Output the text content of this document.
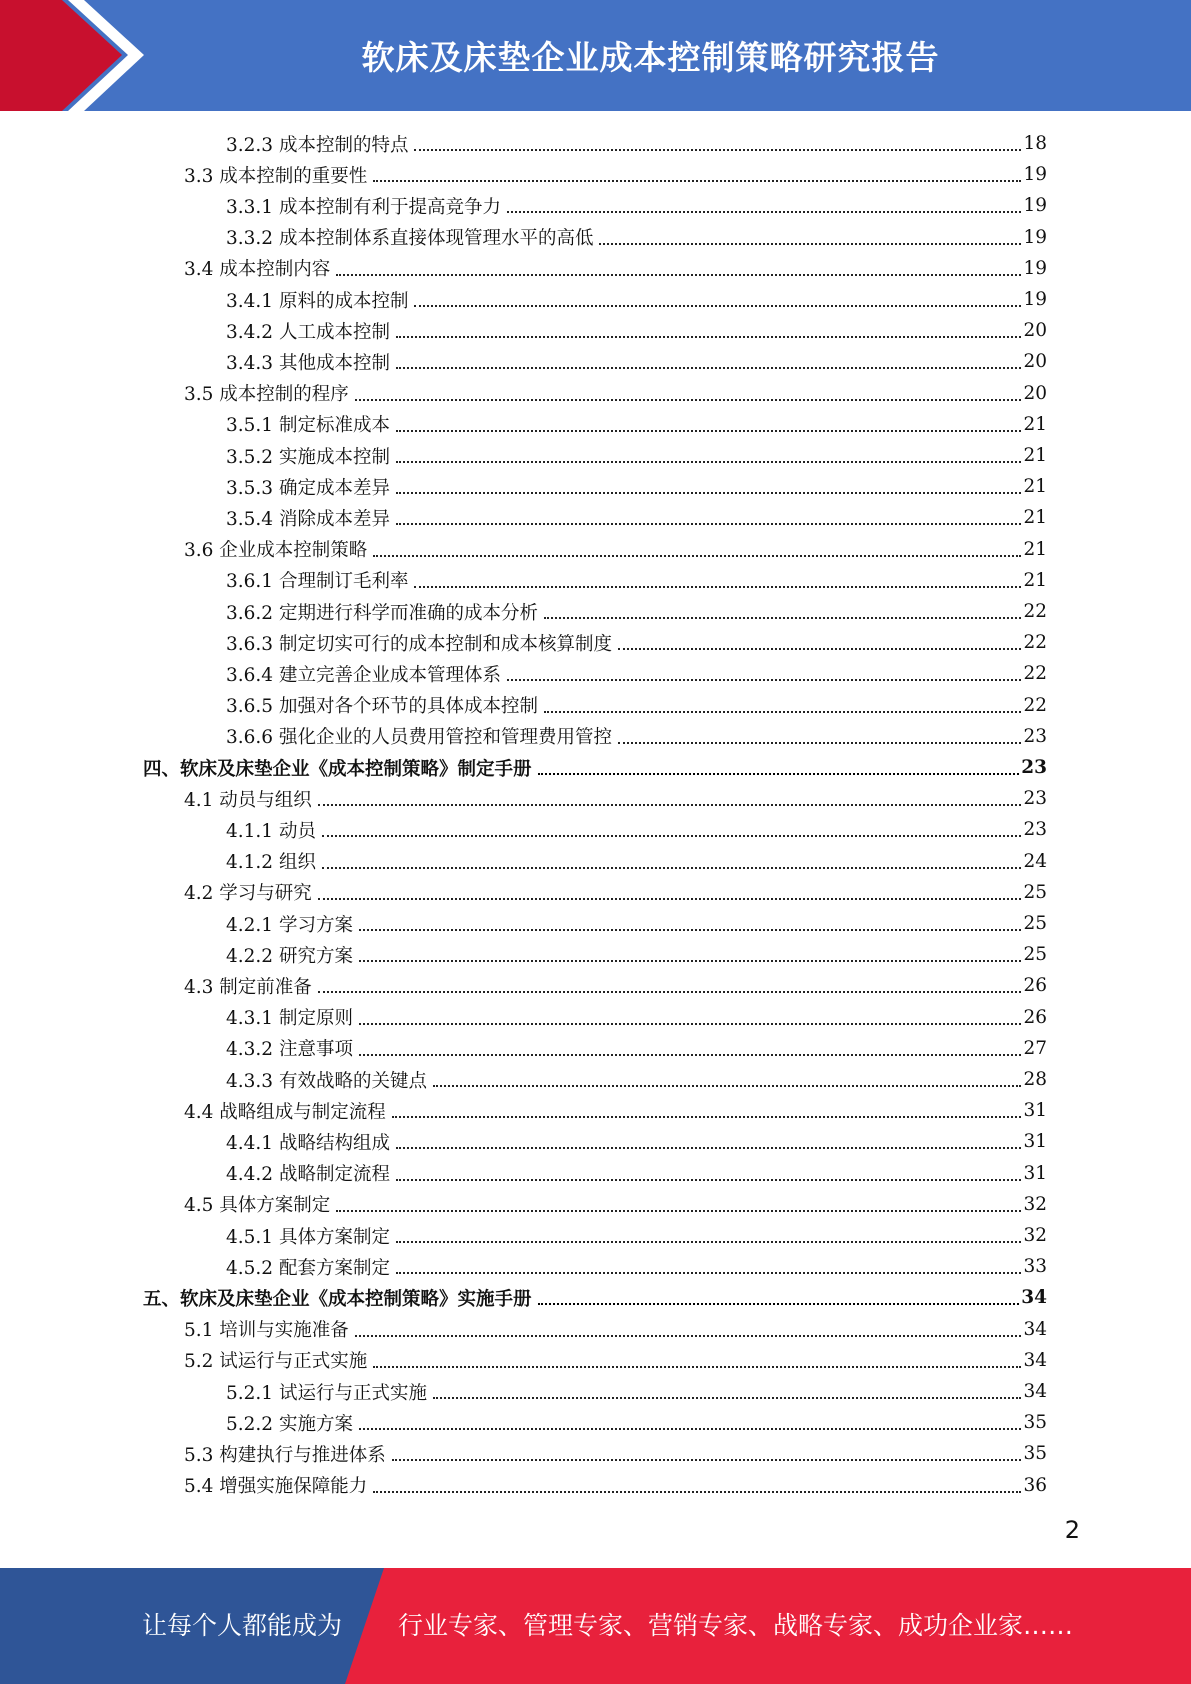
软床及床垫企业成本控制策略研究报告
3.2.3 成本控制的特点	18
3.3 成本控制的重要性	19
3.3.1 成本控制有利于提高竞争力	19
3.3.2 成本控制体系直接体现管理水平的高低	19
3.4 成本控制内容	19
3.4.1 原料的成本控制	19
3.4.2 人工成本控制	20
3.4.3 其他成本控制	20
3.5 成本控制的程序	20
3.5.1 制定标准成本	21
3.5.2 实施成本控制	21
3.5.3 确定成本差异	21
3.5.4 消除成本差异	21
3.6 企业成本控制策略	21
3.6.1 合理制订毛利率	21
3.6.2 定期进行科学而准确的成本分析	22
3.6.3 制定切实可行的成本控制和成本核算制度	22
3.6.4 建立完善企业成本管理体系	22
3.6.5 加强对各个环节的具体成本控制	22
3.6.6 强化企业的人员费用管控和管理费用管控	23
四、软床及床垫企业《成本控制策略》制定手册	23
4.1 动员与组织	23
4.1.1 动员	23
4.1.2 组织	24
4.2 学习与研究	25
4.2.1 学习方案	25
4.2.2 研究方案	25
4.3 制定前准备	26
4.3.1 制定原则	26
4.3.2 注意事项	27
4.3.3 有效战略的关键点	28
4.4 战略组成与制定流程	31
4.4.1 战略结构组成	31
4.4.2 战略制定流程	31
4.5 具体方案制定	32
4.5.1 具体方案制定	32
4.5.2 配套方案制定	33
五、软床及床垫企业《成本控制策略》实施手册	34
5.1 培训与实施准备	34
5.2 试运行与正式实施	34
5.2.1 试运行与正式实施	34
5.2.2 实施方案	35
5.3 构建执行与推进体系	35
5.4 增强实施保障能力	36
2
让每个人都能成为 行业专家、管理专家、营销专家、战略专家、成功企业家……
